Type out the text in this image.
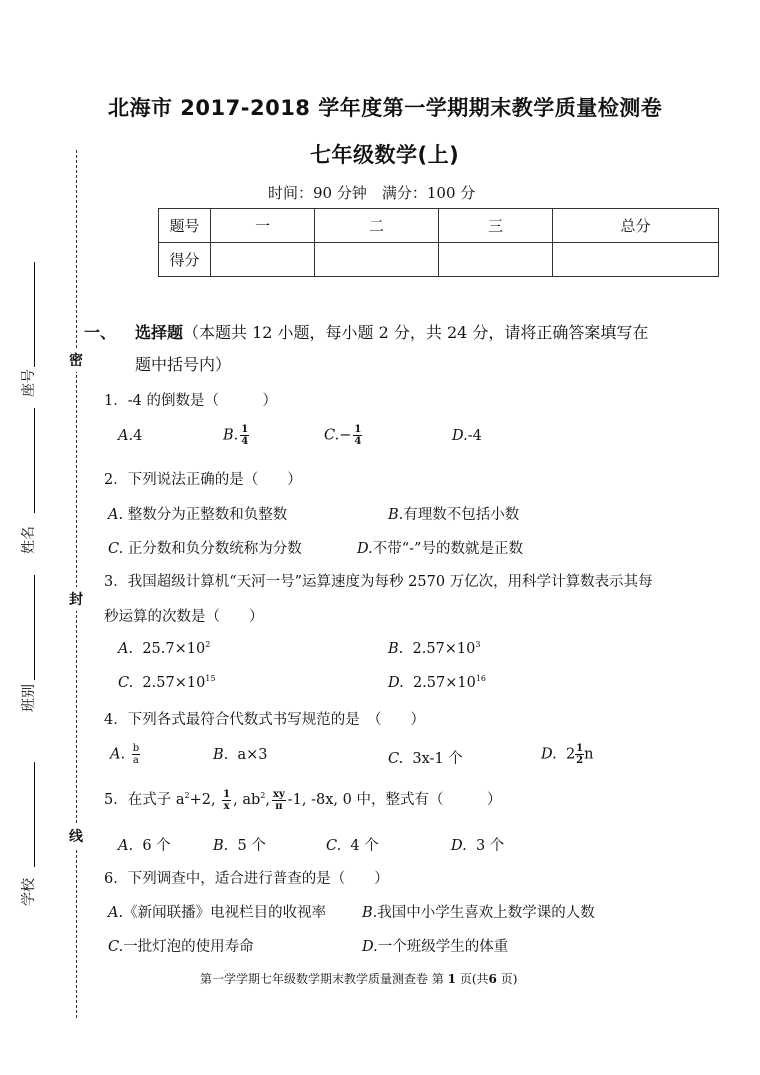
密
封
线
座号
姓名
班别
学校
北海市 2017-2018 学年度第一学期期末教学质量检测卷
七年级数学(上)
时间：90 分钟　满分：100 分
题号	一	二	三	总分
得分				
一、 选择题（本题共 12 小题，每小题 2 分，共 24 分，请将正确答案填写在
题中括号内）
1．-4 的倒数是（　　　）
A.4	B. $\frac{1}{4}$	$C.- \frac{1}{4}$	D.-4
2．下列说法正确的是（　　）
A. 整数分为正整数和负整数	B.有理数不包括小数
C. 正分数和负分数统称为分数	D.不带“-”号的数就是正数
3．我国超级计算机“天河一号”运算速度为每秒 2570 万亿次，用科学计算数表示其每
秒运算的次数是（　　）
A. $25.7\times 10^2$	B. $2.57\times 10^3$
C. $2.57\times 10^{15}$	D. $2.57\times 10^{16}$
4．下列各式最符合代数式书写规范的是　（　　）
A. $\frac{b}{a}$	B. a×3	C. 3x-1 个	D. $2 \frac{1}{2}$ n
5．在式子 $a^2+2$, $\frac{1}{x}$ , $ab^2$, $\frac{xy}{\pi} -1$, -8x, 0 中，整式有（　　　）
A. 6 个	B. 5 个	C. 4 个	D. 3 个
6．下列调查中，适合进行普查的是（　　）
A.《新闻联播》电视栏目的收视率 B.我国中小学生喜欢上数学课的人数
C.一批灯泡的使用寿命	D.一个班级学生的体重
第一学学期七年级数学期末教学质量测查卷 第 1 页(共6 页)
